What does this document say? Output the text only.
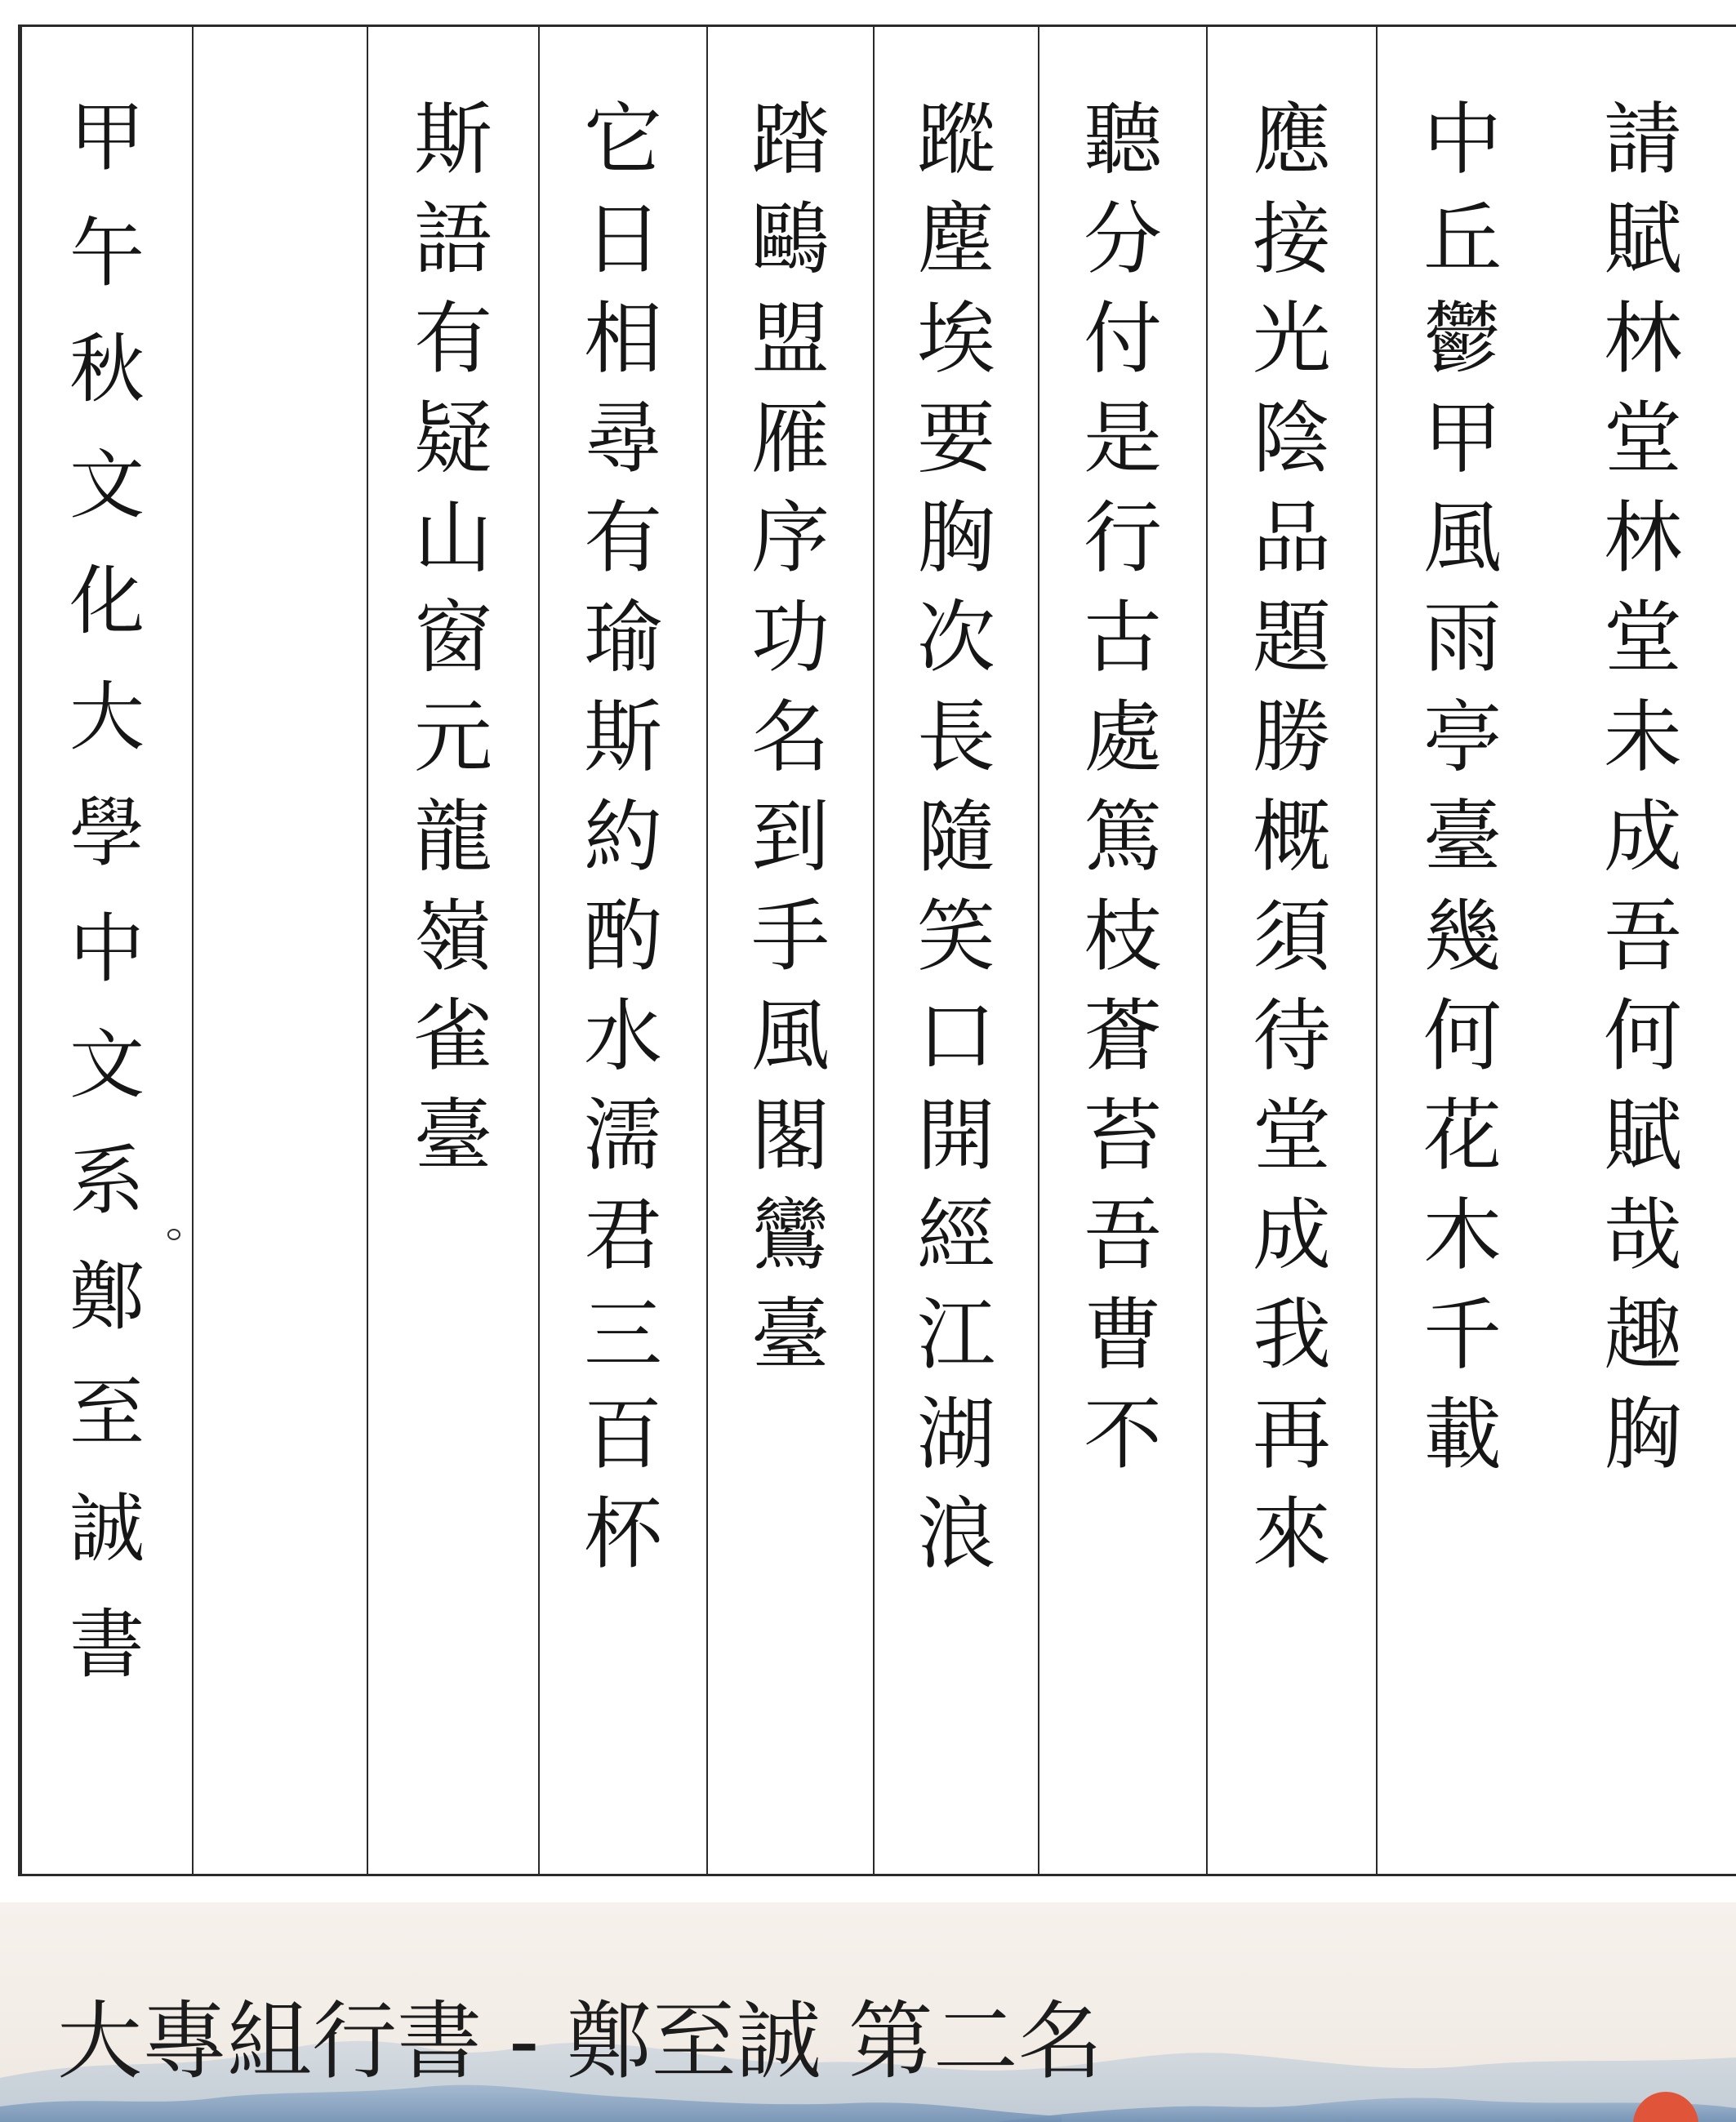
請
賦
林
堂
林
堂
未
成
吾
何
賦
哉
趣
胸
中
丘
鬱
甲
風
雨
亭
臺
幾
何
花
木
千
載
應
接
光
陰
品
題
勝
概
須
待
堂
成
我
再
來
聽
分
付
是
行
古
處
篤
枝
蒼
苔
吾
曹
不
蹤
塵
埃
要
胸
次
長
隨
笑
口
開
經
江
湖
浪
踏
鷗
盟
雁
序
功
名
到
手
風
閣
鸞
臺
它
日
相
尋
有
瑜
斯
約
酌
水
濡
君
三
百
杯
斯
語
有
疑
山
窗
元
龍
嶺
雀
臺
甲
午
秋
文
化
大
學
中
文
系
鄭
至
誠
書
大專組行書 - 鄭至誠 第二名
